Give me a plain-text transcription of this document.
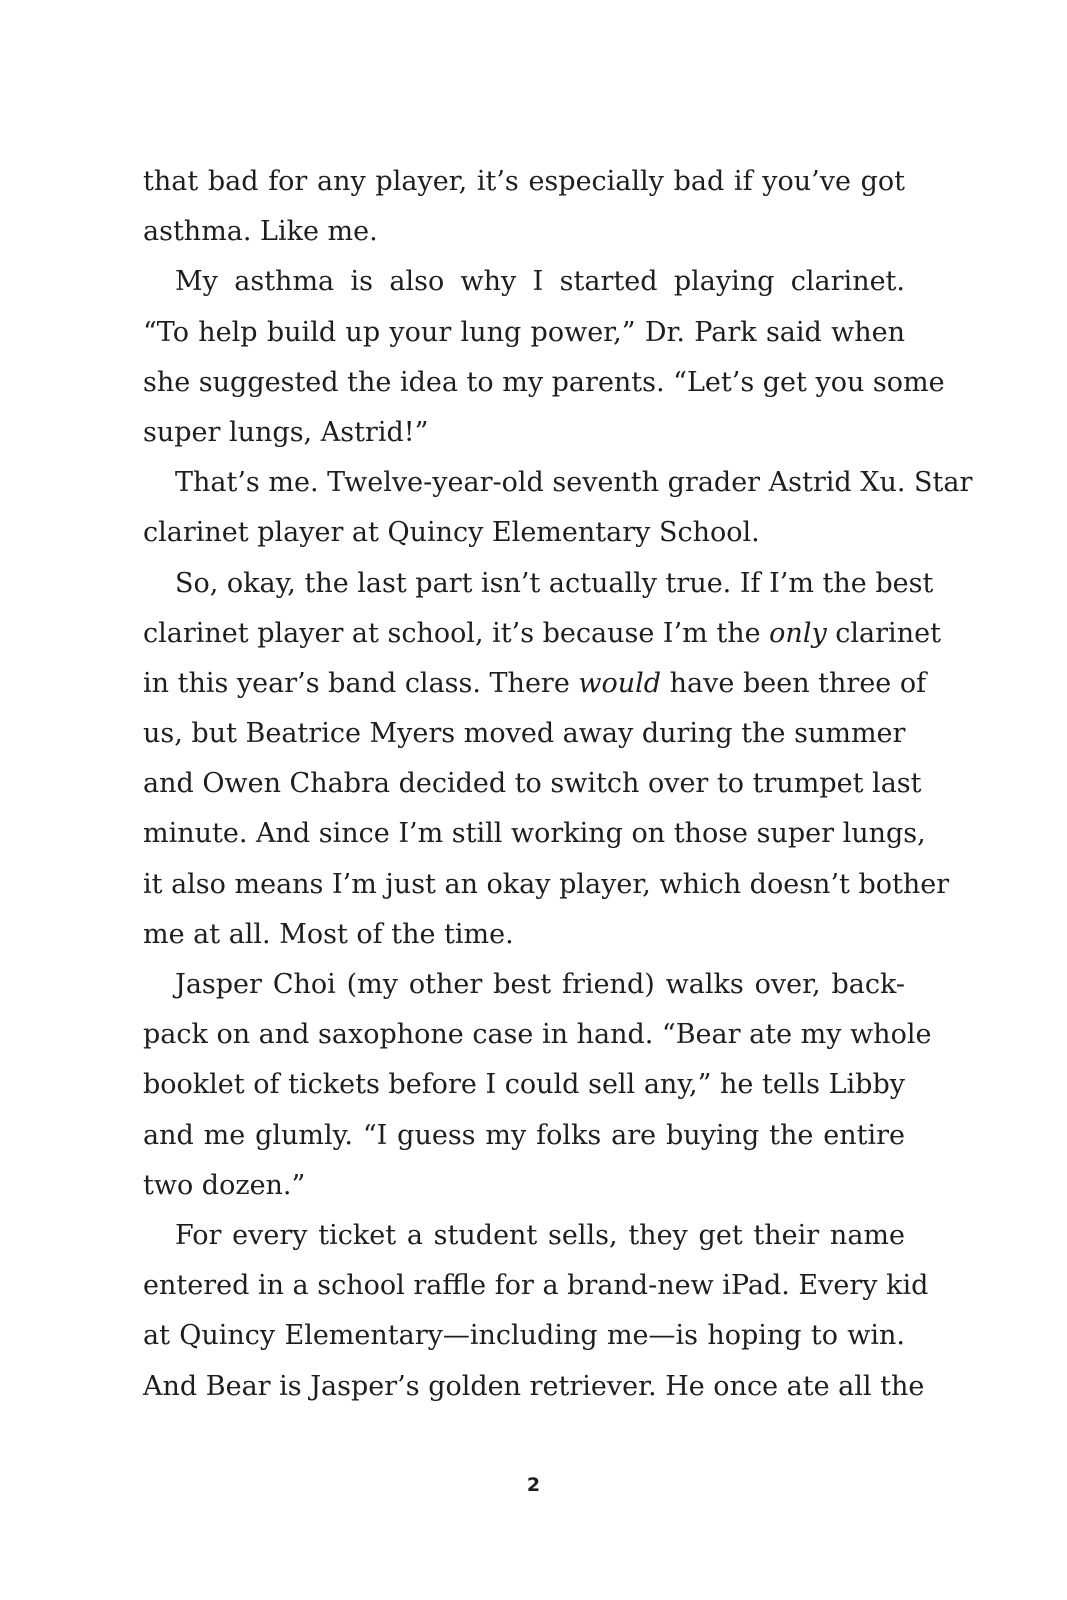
that bad for any player, it’s especially bad if you’ve got
asthma. Like me.
My asthma is also why I started playing clarinet.
“To help build up your lung power,” Dr. Park said when
she suggested the idea to my parents. “Let’s get you some
super lungs, Astrid!”
That’s me. Twelve-year-old seventh grader Astrid Xu. Star
clarinet player at Quincy Elementary School.
So, okay, the last part isn’t actually true. If I’m the best
clarinet player at school, it’s because I’m the only clarinet
in this year’s band class. There would have been three of
us, but Beatrice Myers moved away during the summer
and Owen Chabra decided to switch over to trumpet last
minute. And since I’m still working on those super lungs,
it also means I’m just an okay player, which doesn’t bother
me at all. Most of the time.
Jasper Choi (my other best friend) walks over, back-
pack on and saxophone case in hand. “Bear ate my whole
booklet of tickets before I could sell any,” he tells Libby
and me glumly. “I guess my folks are buying the entire
two dozen.”
For every ticket a student sells, they get their name
entered in a school raffle for a brand-new iPad. Every kid
at Quincy Elementary—including me—is hoping to win.
And Bear is Jasper’s golden retriever. He once ate all the
2
